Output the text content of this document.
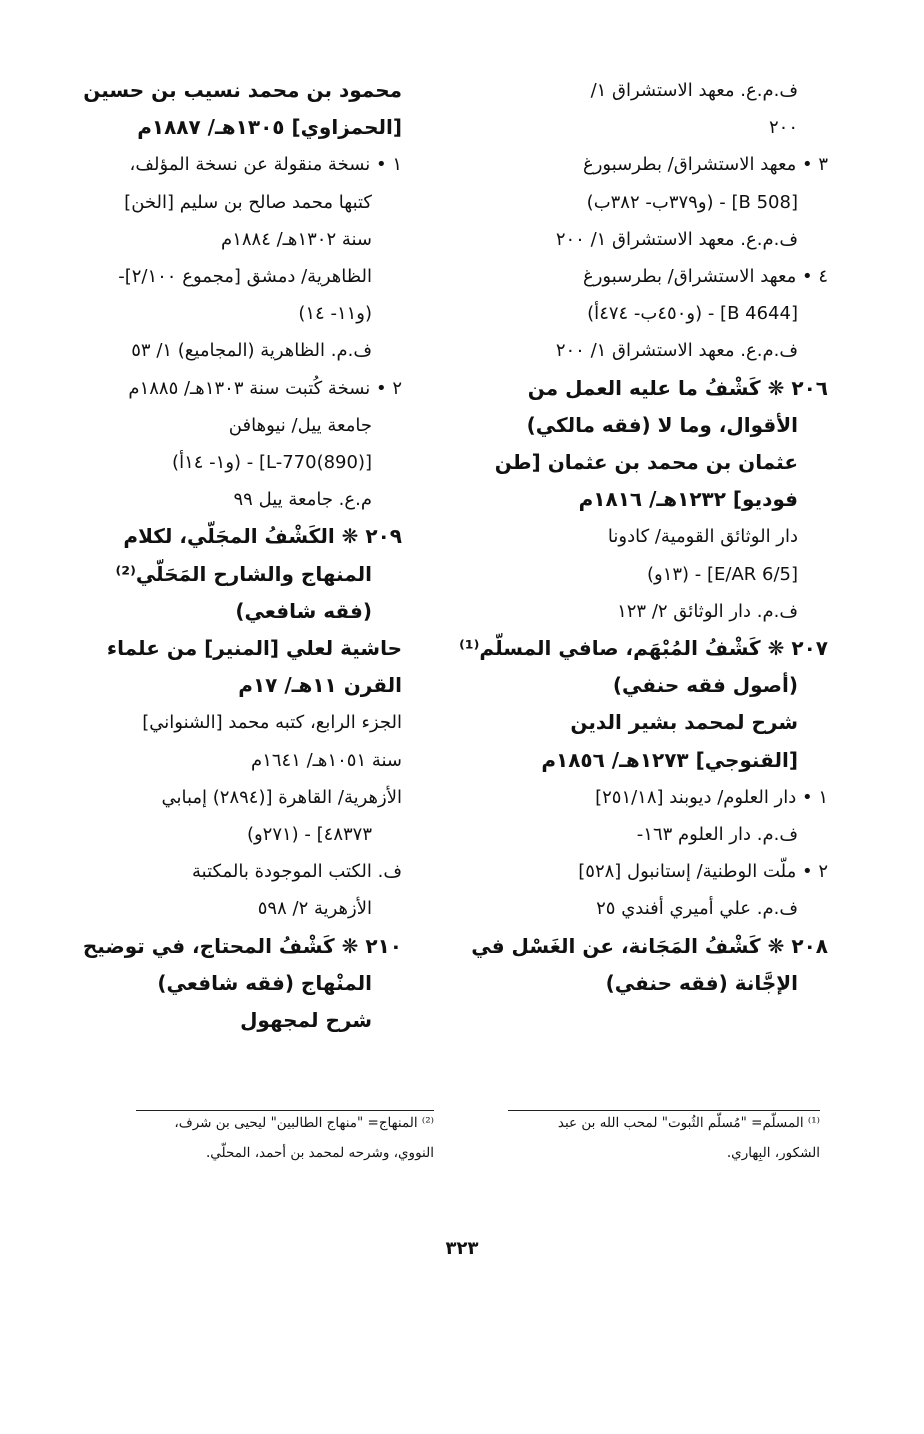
ف.م.ع. معهد الاستشراق ١/
٢٠٠
٣ • معهد الاستشراق/ بطرسبورغ
[B 508] - (و٣٧٩ب- ٣٨٢ب)
ف.م.ع. معهد الاستشراق ١/ ٢٠٠
٤ • معهد الاستشراق/ بطرسبورغ
[B 4644] - (و٤٥٠ب- ٤٧٤أ)
ف.م.ع. معهد الاستشراق ١/ ٢٠٠
٢٠٦ ❋ كَشْفُ ما عليه العمل من
الأقوال، وما لا (فقه مالكي)
عثمان بن محمد بن عثمان [طن
فوديو] ١٢٣٢هـ/ ١٨١٦م
دار الوثائق القومية/ كادونا
[E/AR 6/5] - (١٣و)
ف.م. دار الوثائق ٢/ ١٢٣
٢٠٧ ❋ كَشْفُ المُبْهَم، صافي المسلّم⁽¹⁾
(أصول فقه حنفي)
شرح لمحمد بشير الدين
[القنوجي] ١٢٧٣هـ/ ١٨٥٦م
١ • دار العلوم/ ديوبند [٢٥١/١٨]
ف.م. دار العلوم ١٦٣-
٢ • ملّت الوطنية/ إستانبول [٥٢٨]
ف.م. علي أميري أفندي ٢٥
٢٠٨ ❋ كَشْفُ المَجَانة، عن الغَسْل في
الإجَّانة (فقه حنفي)
محمود بن محمد نسيب بن حسين
[الحمزاوي] ١٣٠٥هـ/ ١٨٨٧م
١ • نسخة منقولة عن نسخة المؤلف،
كتبها محمد صالح بن سليم [الخن]
سنة ١٣٠٢هـ/ ١٨٨٤م
الظاهرية/ دمشق [مجموع ٢/١٠٠]-
(و١١- ١٤)
ف.م. الظاهرية (المجاميع) ١/ ٥٣
٢ • نسخة كُتبت سنة ١٣٠٣هـ/ ١٨٨٥م
جامعة ييل/ نيوهافن
[L-770(890)] - (و١- ١٤أ)
م.ع. جامعة ييل ٩٩
٢٠٩ ❋ الكَشْفُ المجَلّي، لكلام
المنهاج والشارح المَحَلّي⁽²⁾
(فقه شافعي)
حاشية لعلي [المنير] من علماء
القرن ١١هـ/ ١٧م
الجزء الرابع، كتبه محمد [الشنواني]
سنة ١٠٥١هـ/ ١٦٤١م
الأزهرية/ القاهرة [(٢٨٩٤) إمبابي
٤٨٣٧٣] - (٢٧١و)
ف. الكتب الموجودة بالمكتبة
الأزهرية ٢/ ٥٩٨
٢١٠ ❋ كَشْفُ المحتاج، في توضيح
المنْهاج (فقه شافعي)
شرح لمجهول
⁽¹⁾ المسلّم= "مُسلّم الثُبوت" لمحب الله بن عبد
الشكور، البِهاري.
⁽²⁾ المنهاج= "منهاج الطالبين" ليحيى بن شرف،
النووي، وشرحه لمحمد بن أحمد، المحلّي.
٣٢٣
